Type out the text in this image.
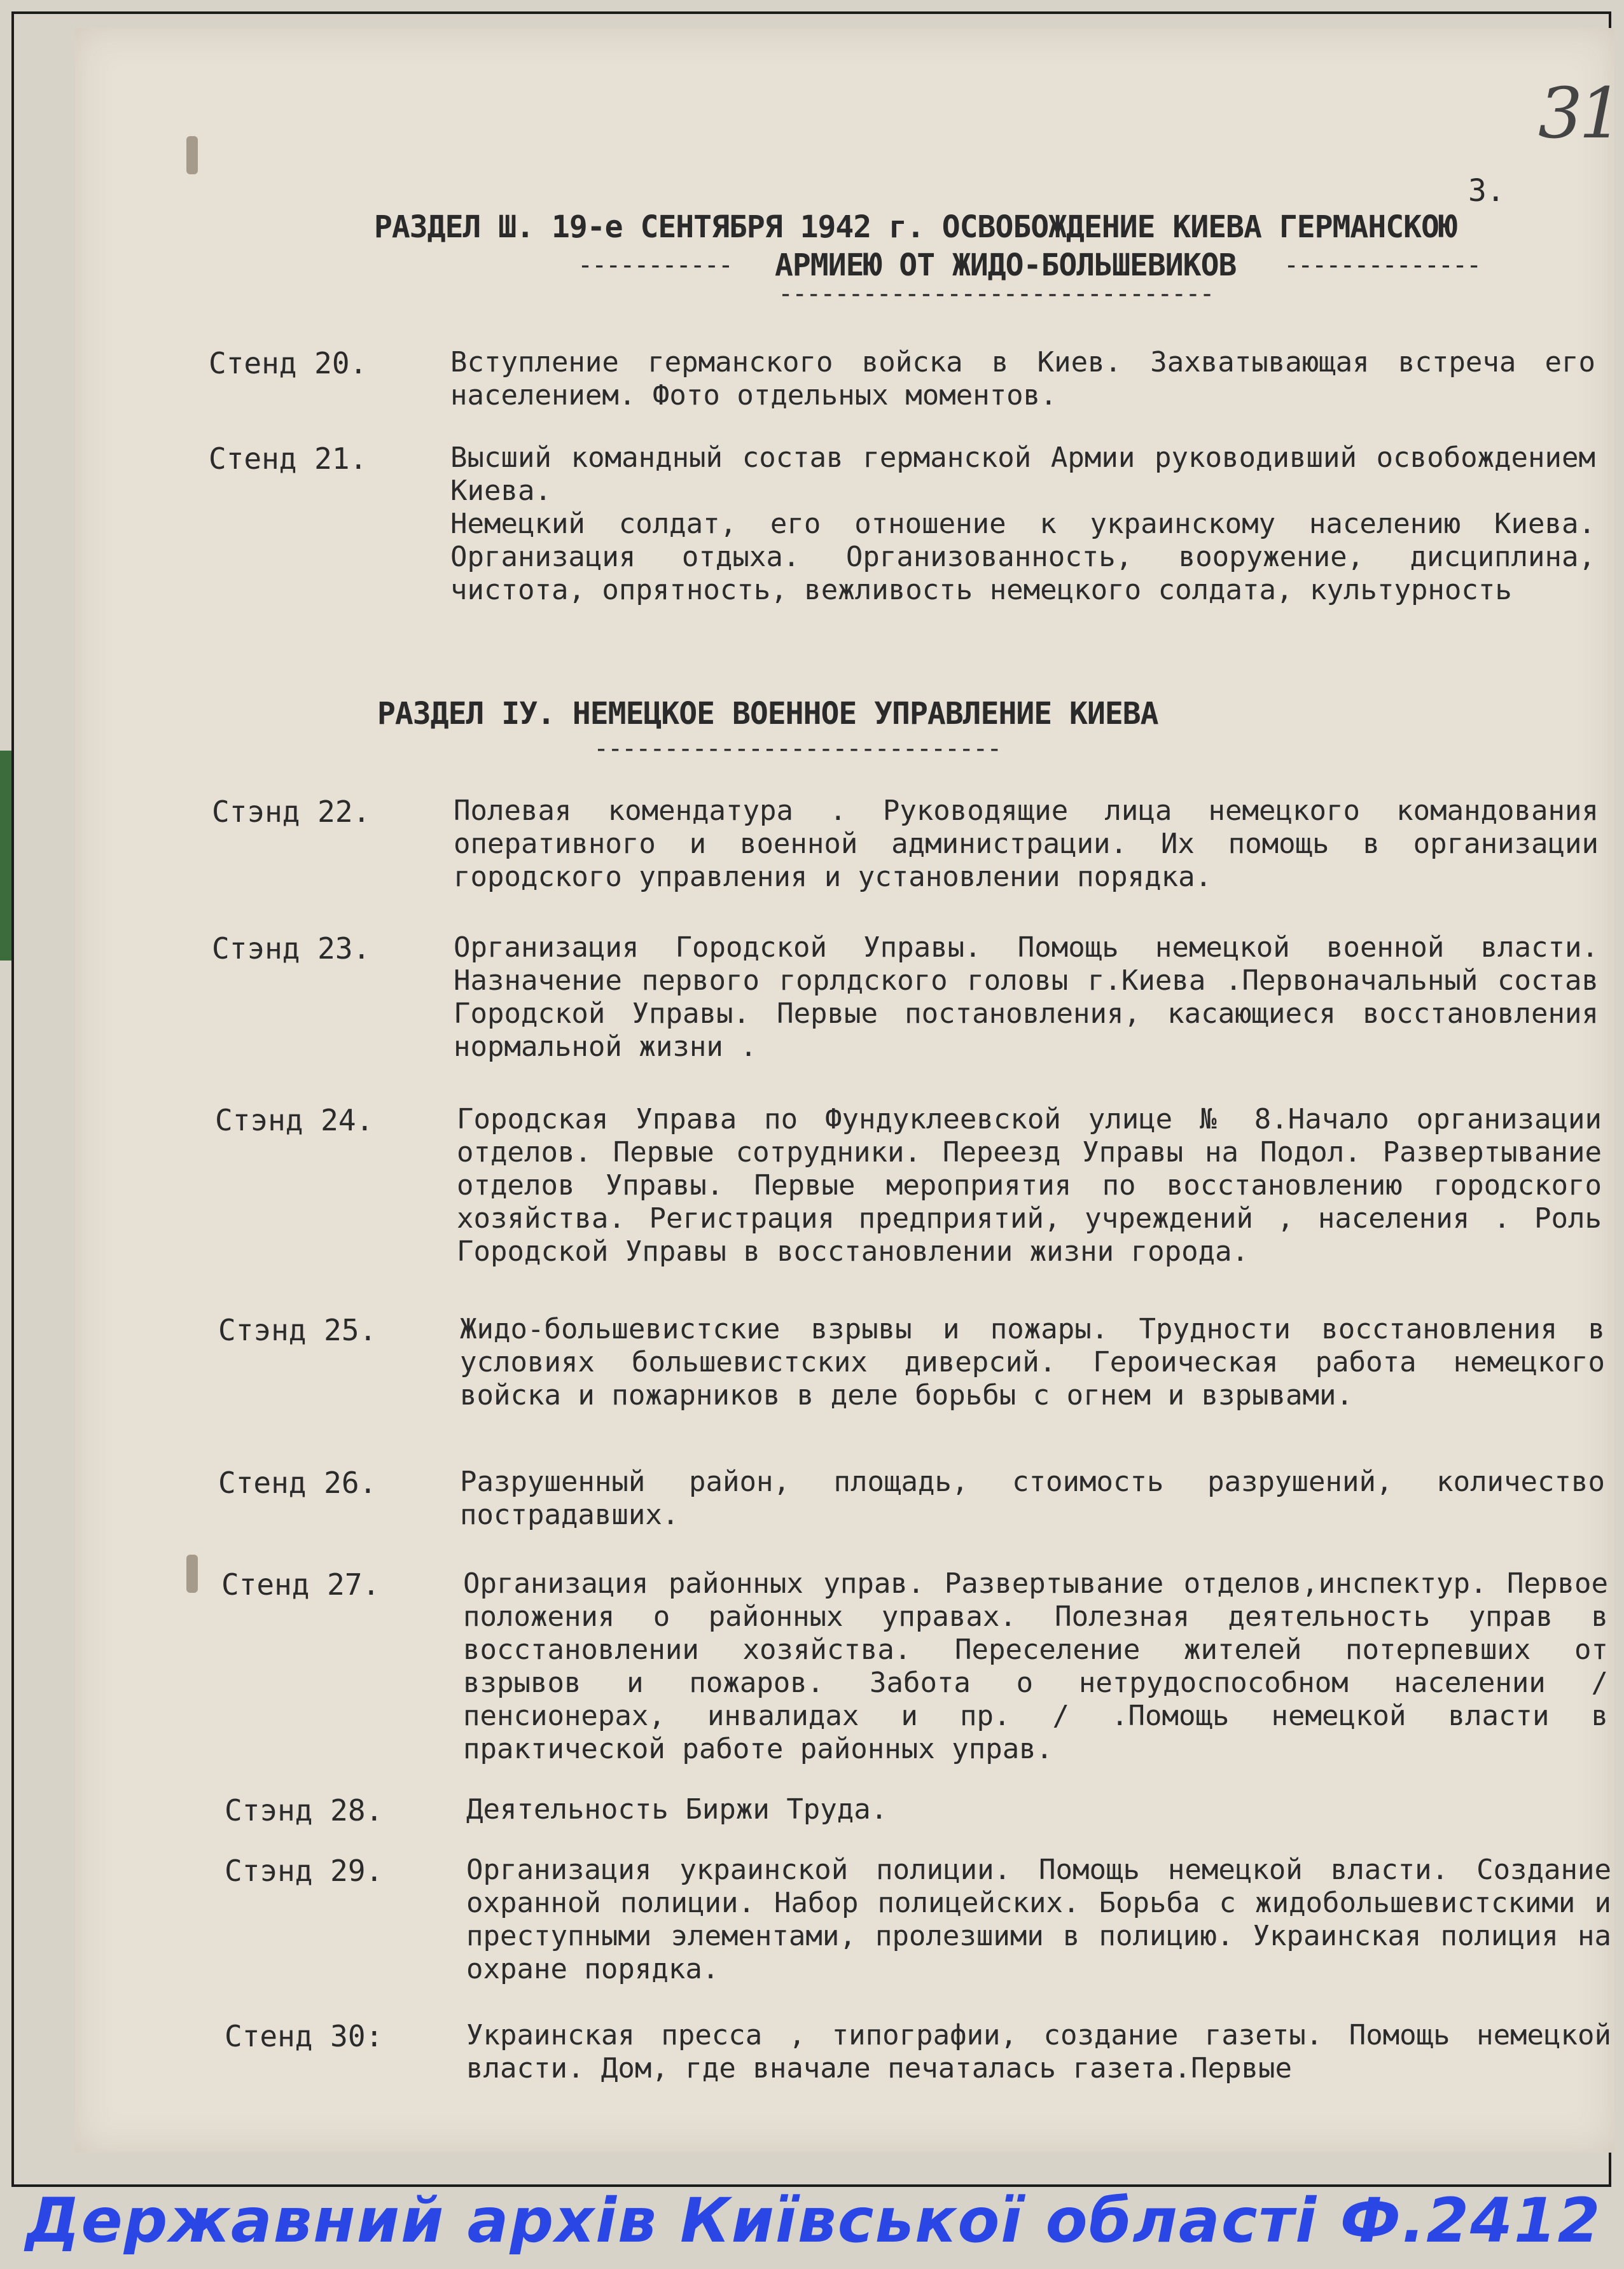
31
3.
РАЗДЕЛ Ш. 19-е СЕНТЯБРЯ 1942 г. ОСВОБОЖДЕНИЕ КИЕВА ГЕРМАНСКОЮ
----------- АРМИЕЮ ОТ ЖИДО-БОЛЬШЕВИКОВ --------------
-------------------------------
Стенд 20.	Вступление германского войска в Киев. Захватывающая встреча его населением. Фото отдельных моментов.
Стенд 21.	Высший командный состав германской Армии руководивший освобождением Киева.
Немецкий солдат, его отношение к украинскому населению Киева. Организация отдыха. Организованность, вооружение, дисциплина, чистота, опрятность, вежливость немецкого солдата, культурность
РАЗДЕЛ IУ. НЕМЕЦКОЕ ВОЕННОЕ УПРАВЛЕНИЕ КИЕВА
-----------------------------
Стэнд 22.	Полевая комендатура . Руководящие лица немецкого командования оперативного и военной администрации. Их помощь в организации городского управления и установлении порядка.
Стэнд 23.	Организация Городской Управы. Помощь немецкой военной власти. Назначение первого горлдского головы г.Киева .Первоначальный состав Городской Управы. Первые постановления, касающиеся восстановления нормальной жизни .
Стэнд 24.	Городская Управа по Фундуклеевской улице № 8.Начало организации отделов. Первые сотрудники. Переезд Управы на Подол. Развертывание отделов Управы. Первые мероприятия по восстановлению городского хозяйства. Регистрация предприятий, учреждений , населения . Роль Городской Управы в восстановлении жизни города.
Стэнд 25.	Жидо-большевистские взрывы и пожары. Трудности восстановления в условиях большевистских диверсий. Героическая работа немецкого войска и пожарников в деле борьбы с огнем и взрывами.
Стенд 26.	Разрушенный район, площадь, стоимость разрушений, количество пострадавших.
Стенд 27.	Организация районных управ. Развертывание отделов,инспектур. Первое положения о районных управах. Полезная деятельность управ в восстановлении хозяйства. Переселение жителей потерпевших от взрывов и пожаров. Забота о нетрудоспособном населении / пенсионерах, инвалидах и пр. / .Помощь немецкой власти в практической работе районных управ.
Стэнд 28.	Деятельность Биржи Труда.
Стэнд 29.	Организация украинской полиции. Помощь немецкой власти. Создание охранной полиции. Набор полицейских. Борьба с жидобольшевистскими и преступными элементами, пролезшими в полицию. Украинская полиция на охране порядка.
Стенд 30:	Украинская пресса , типографии, создание газеты. Помощь немецкой власти. Дом, где вначале печаталась газета.Первые
Державний архів Київської області Ф.2412
